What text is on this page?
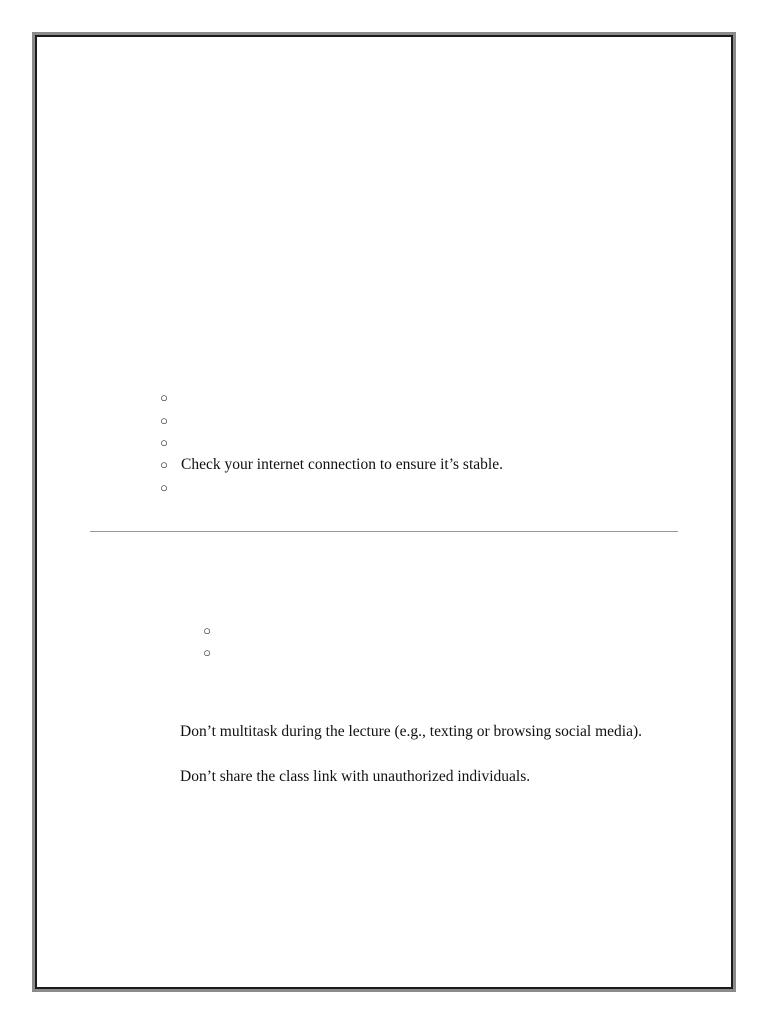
○
○
○
○ Check your internet connection to ensure it’s stable.
○
○
○
Don’t multitask during the lecture (e.g., texting or browsing social media).
Don’t share the class link with unauthorized individuals.
